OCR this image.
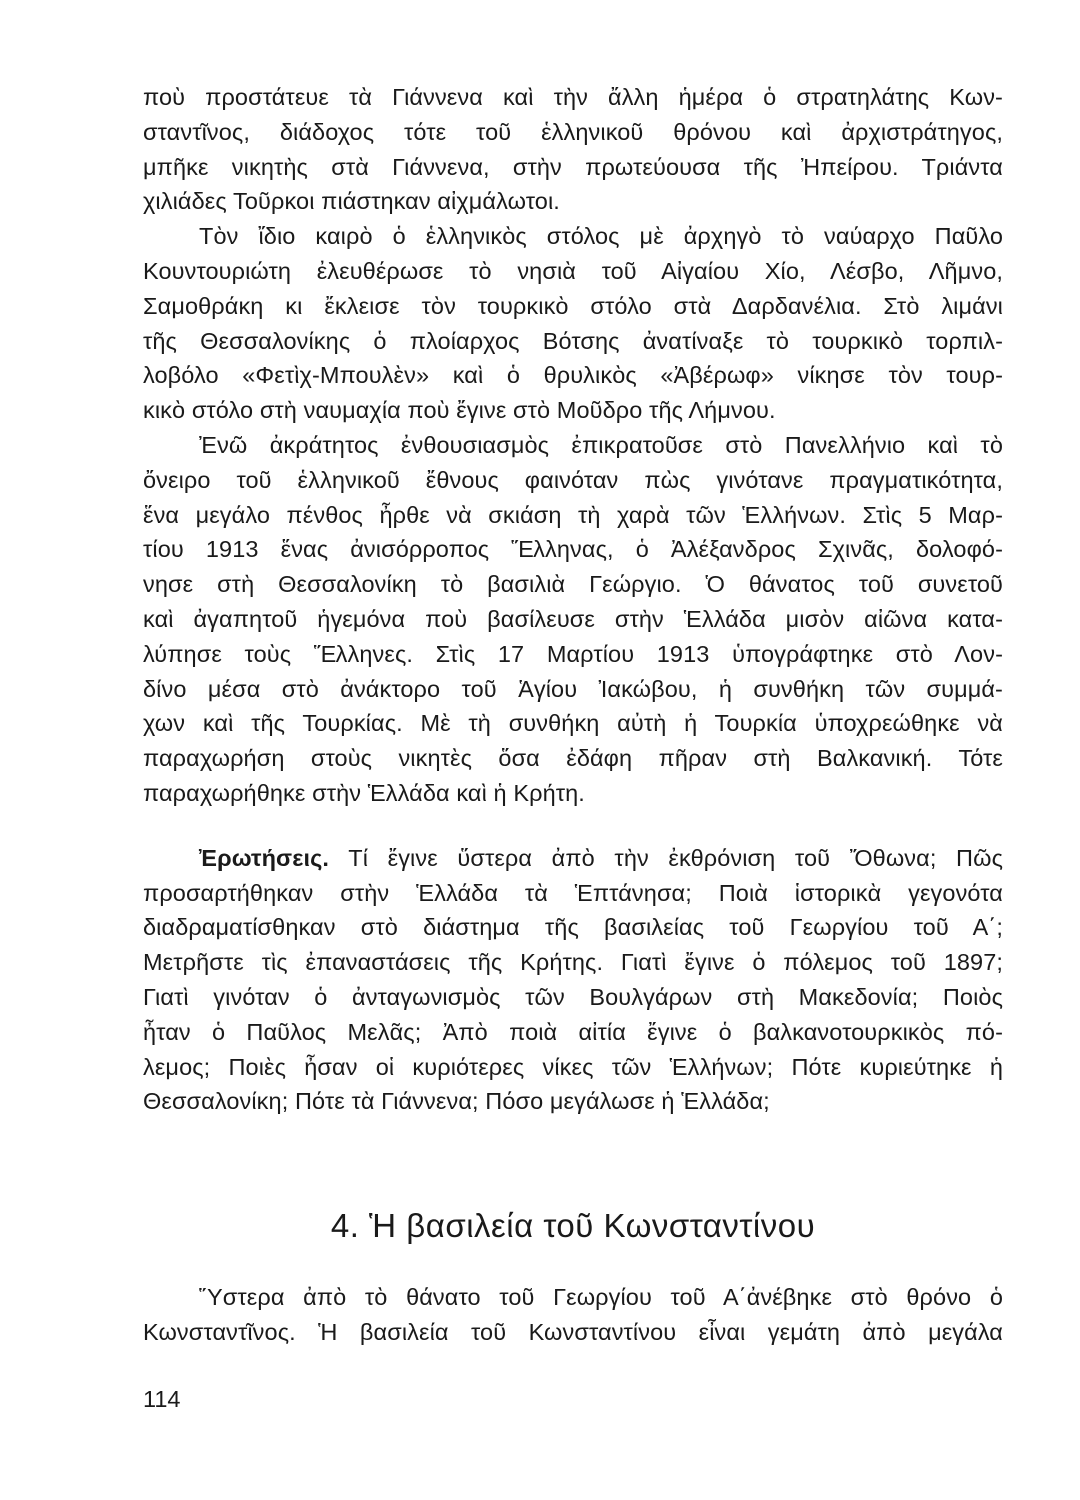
ποὺ προστάτευε τὰ Γιάννενα καὶ τὴν ἄλλη ἡμέρα ὁ στρατηλάτης Κων-
σταντῖνος, διάδοχος τότε τοῦ ἑλληνικοῦ θρόνου καὶ ἀρχιστράτηγος,
μπῆκε νικητὴς στὰ Γιάννενα, στὴν πρωτεύουσα τῆς Ἠπείρου. Τριάντα
χιλιάδες Τοῦρκοι πιάστηκαν αἰχμάλωτοι.
Τὸν ἴδιο καιρὸ ὁ ἑλληνικὸς στόλος μὲ ἀρχηγὸ τὸ ναύαρχο Παῦλο
Κουντουριώτη ἐλευθέρωσε τὸ νησιὰ τοῦ Αἰγαίου Χίο, Λέσβο, Λῆμνο,
Σαμοθράκη κι ἔκλεισε τὸν τουρκικὸ στόλο στὰ Δαρδανέλια. Στὸ λιμάνι
τῆς Θεσσαλονίκης ὁ πλοίαρχος Βότσης ἀνατίναξε τὸ τουρκικὸ τορπιλ-
λοβόλο «Φετὶχ-Μπουλὲν» καὶ ὁ θρυλικὸς «Ἀβέρωφ» νίκησε τὸν τουρ-
κικὸ στόλο στὴ ναυμαχία ποὺ ἔγινε στὸ Μοῦδρο τῆς Λήμνου.
Ἐνῶ ἀκράτητος ἐνθουσιασμὸς ἐπικρατοῦσε στὸ Πανελλήνιο καὶ τὸ
ὄνειρο τοῦ ἑλληνικοῦ ἔθνους φαινόταν πὼς γινότανε πραγματικότητα,
ἕνα μεγάλο πένθος ἦρθε νὰ σκιάση τὴ χαρὰ τῶν Ἑλλήνων. Στὶς 5 Μαρ-
τίου 1913 ἕνας ἀνισόρροπος Ἕλληνας, ὁ Ἀλέξανδρος Σχινᾶς, δολοφό-
νησε στὴ Θεσσαλονίκη τὸ βασιλιὰ Γεώργιο. Ὁ θάνατος τοῦ συνετοῦ
καὶ ἀγαπητοῦ ἡγεμόνα ποὺ βασίλευσε στὴν Ἑλλάδα μισὸν αἰῶνα κατα-
λύπησε τοὺς Ἕλληνες. Στὶς 17 Μαρτίου 1913 ὑπογράφτηκε στὸ Λον-
δίνο μέσα στὸ ἀνάκτορο τοῦ Ἁγίου Ἰακώβου, ἡ συνθήκη τῶν συμμά-
χων καὶ τῆς Τουρκίας. Μὲ τὴ συνθήκη αὐτὴ ἡ Τουρκία ὑποχρεώθηκε νὰ
παραχωρήση στοὺς νικητὲς ὅσα ἐδάφη πῆραν στὴ Βαλκανική. Τότε
παραχωρήθηκε στὴν Ἑλλάδα καὶ ἡ Κρήτη.
Ἐρωτήσεις. Τί ἔγινε ὕστερα ἀπὸ τὴν ἐκθρόνιση τοῦ Ὄθωνα; Πῶς
προσαρτήθηκαν στὴν Ἑλλάδα τὰ Ἑπτάνησα; Ποιὰ ἱστορικὰ γεγονότα
διαδραματίσθηκαν στὸ διάστημα τῆς βασιλείας τοῦ Γεωργίου τοῦ Α΄;
Μετρῆστε τὶς ἐπαναστάσεις τῆς Κρήτης. Γιατὶ ἔγινε ὁ πόλεμος τοῦ 1897;
Γιατὶ γινόταν ὁ ἀνταγωνισμὸς τῶν Βουλγάρων στὴ Μακεδονία; Ποιὸς
ἦταν ὁ Παῦλος Μελᾶς; Ἀπὸ ποιὰ αἰτία ἔγινε ὁ βαλκανοτουρκικὸς πό-
λεμος; Ποιὲς ἦσαν οἱ κυριότερες νίκες τῶν Ἑλλήνων; Πότε κυριεύτηκε ἡ
Θεσσαλονίκη; Πότε τὰ Γιάννενα; Πόσο μεγάλωσε ἡ Ἑλλάδα;
4. Ἡ βασιλεία τοῦ Κωνσταντίνου
Ὕστερα ἀπὸ τὸ θάνατο τοῦ Γεωργίου τοῦ Α΄ἀνέβηκε στὸ θρόνο ὁ
Κωνσταντῖνος. Ἡ βασιλεία τοῦ Κωνσταντίνου εἶναι γεμάτη ἀπὸ μεγάλα
114
